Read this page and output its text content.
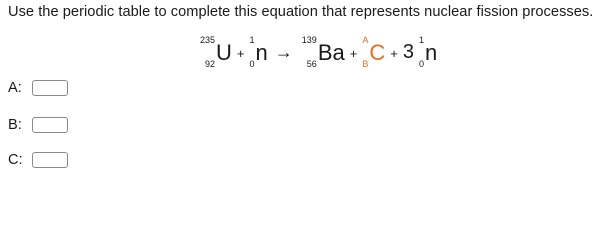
Use the periodic table to complete this equation that represents nuclear fission processes.
235
92 U +
1
0 n →
139
56 Ba +
A
B C + 3
1
0 n
A:
B:
C:
